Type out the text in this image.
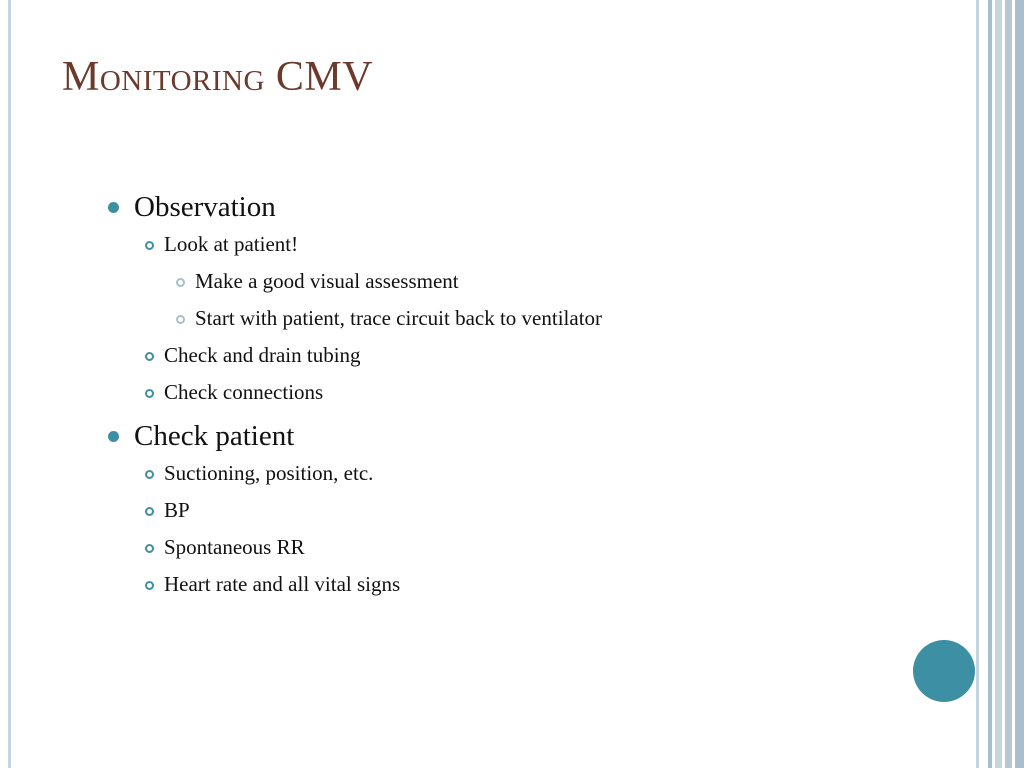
Monitoring CMV
Observation
Look at patient!
Make a good visual assessment
Start with patient, trace circuit back to ventilator
Check and drain tubing
Check connections
Check patient
Suctioning, position, etc.
BP
Spontaneous RR
Heart rate and all vital signs
